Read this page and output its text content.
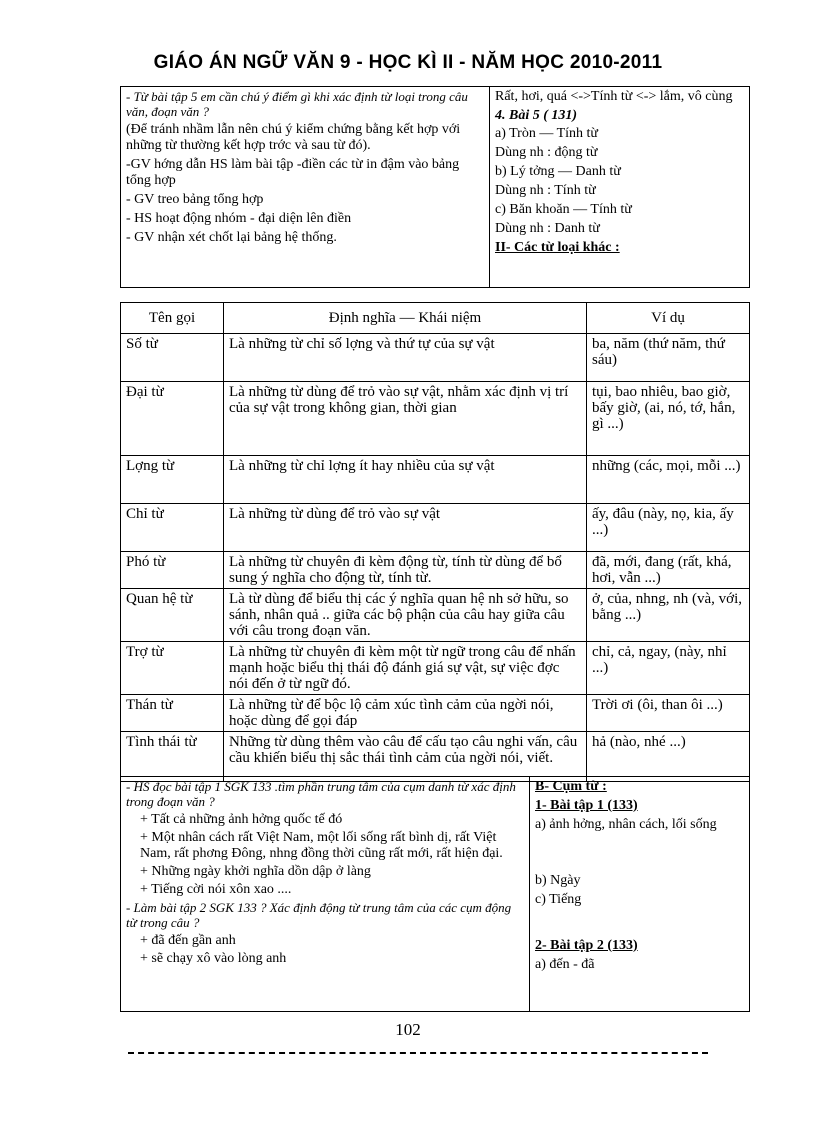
GIÁO ÁN NGỮ VĂN 9 - HỌC KÌ II - NĂM HỌC 2010-2011
- Từ bài tập 5 em cần chú ý điểm gì khi xác định từ loại trong câu văn, đoạn văn ?
(Để tránh nhầm lẫn nên chú ý kiểm chứng bằng kết hợp với những từ thường kết hợp trớc và sau từ đó).
-GV hớng dẫn HS làm bài tập -điền các từ in đậm vào bảng tổng hợp
- GV treo bảng tổng hợp
- HS hoạt động nhóm - đại diện lên điền
- GV nhận xét chốt lại bảng hệ thống.

Rất, hơi, quá <->Tính từ <-> lắm, vô cùng
4. Bài 5 ( 131)
a) Tròn — Tính từ
Dùng nh : động từ
b) Lý tởng — Danh từ
Dùng nh : Tính từ
c) Băn khoăn — Tính từ
Dùng nh : Danh từ
II- Các từ loại khác :
Tên gọi	Định nghĩa — Khái niệm	Ví dụ
Số từ	Là những từ chỉ số lợng và thứ tự của sự vật	ba, năm (thứ năm, thứ sáu)
Đại từ	Là những từ dùng để trỏ vào sự vật, nhằm xác định vị trí của sự vật trong không gian, thời gian	tụi, bao nhiêu, bao giờ, bấy giờ, (ai, nó, tớ, hắn, gì ...)
Lợng từ	Là những từ chỉ lợng ít hay nhiều của sự vật	những (các, mọi, mỗi ...)
Chỉ từ	Là những từ dùng để trỏ vào sự vật	ấy, đâu (này, nọ, kia, ấy ...)
Phó từ	Là những từ chuyên đi kèm động từ, tính từ dùng để bổ sung ý nghĩa cho động từ, tính từ.	đã, mới, đang (rất, khá, hơi, vẫn ...)
Quan hệ từ	Là từ dùng để biểu thị các ý nghĩa quan hệ nh sở hữu, so sánh, nhân quả .. giữa các bộ phận của câu hay giữa câu với câu trong đoạn văn.	ở, của, nhng, nh (và, với, bằng ...)
Trợ từ	Là những từ chuyên đi kèm một từ ngữ trong câu để nhấn mạnh hoặc biểu thị thái độ đánh giá sự vật, sự việc đợc nói đến ở từ ngữ đó.	chỉ, cả, ngay, (này, nhỉ ...)
Thán từ	Là những từ để bộc lộ cảm xúc tình cảm của ngời nói, hoặc dùng để gọi đáp	Trời ơi (ôi, than ôi ...)
Tình thái từ	Những từ dùng thêm vào câu để cấu tạo câu nghi vấn, câu cầu khiến biểu thị sắc thái tình cảm của ngời nói, viết.	hả (nào, nhé ...)
- HS đọc bài tập 1 SGK 133 .tìm phần trung tâm của cụm danh từ xác định trong đoạn văn ?
+ Tất cả những ảnh hởng quốc tế đó
+ Một nhân cách rất Việt Nam, một lối sống rất bình dị, rất Việt Nam, rất phơng Đông, nhng đồng thời cũng rất mới, rất hiện đại.
+ Những ngày khởi nghĩa dồn dập ở làng
+ Tiếng cời nói xôn xao ....
- Làm bài tập 2 SGK 133 ? Xác định động từ trung tâm của các cụm động từ trong câu ?
+ đã đến gần anh
+ sẽ chạy xô vào lòng anh

B- Cụm từ :
1- Bài tập 1 (133)
a) ảnh hởng, nhân cách, lối sống
b) Ngày
c) Tiếng
2- Bài tập 2 (133)
a) đến - đã
102
